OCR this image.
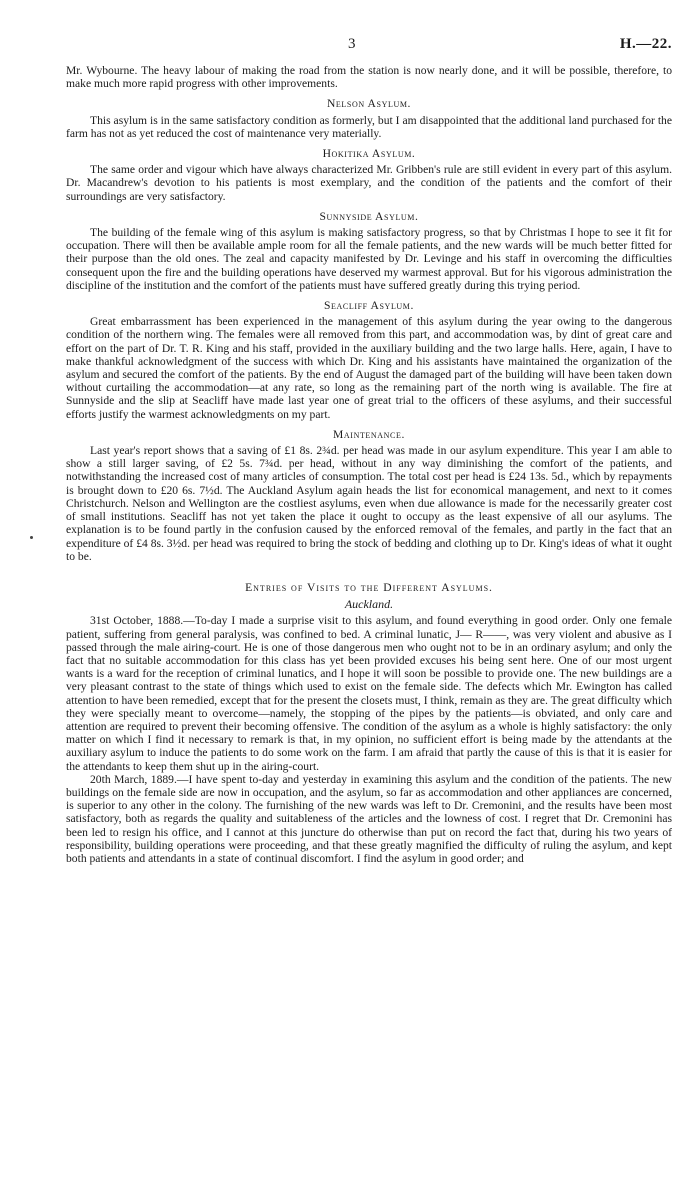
3	H.—22.

Mr. Wybourne. The heavy labour of making the road from the station is now nearly done, and it will be possible, therefore, to make much more rapid progress with other improvements.

Nelson Asylum.

This asylum is in the same satisfactory condition as formerly, but I am disappointed that the additional land purchased for the farm has not as yet reduced the cost of maintenance very materially.

Hokitika Asylum.

The same order and vigour which have always characterized Mr. Gribben's rule are still evident in every part of this asylum. Dr. Macandrew's devotion to his patients is most exemplary, and the condition of the patients and the comfort of their surroundings are very satisfactory.

Sunnyside Asylum.

The building of the female wing of this asylum is making satisfactory progress, so that by Christmas I hope to see it fit for occupation. There will then be available ample room for all the female patients, and the new wards will be much better fitted for their purpose than the old ones. The zeal and capacity manifested by Dr. Levinge and his staff in overcoming the difficulties consequent upon the fire and the building operations have deserved my warmest approval. But for his vigorous administration the discipline of the institution and the comfort of the patients must have suffered greatly during this trying period.

Seacliff Asylum.

Great embarrassment has been experienced in the management of this asylum during the year owing to the dangerous condition of the northern wing. The females were all removed from this part, and accommodation was, by dint of great care and effort on the part of Dr. T. R. King and his staff, provided in the auxiliary building and the two large halls. Here, again, I have to make thankful acknowledgment of the success with which Dr. King and his assistants have maintained the organization of the asylum and secured the comfort of the patients. By the end of August the damaged part of the building will have been taken down without curtailing the accommodation—at any rate, so long as the remaining part of the north wing is available. The fire at Sunnyside and the slip at Seacliff have made last year one of great trial to the officers of these asylums, and their successful efforts justify the warmest acknowledgments on my part.

Maintenance.

Last year's report shows that a saving of £1 8s. 2¾d. per head was made in our asylum expenditure. This year I am able to show a still larger saving, of £2 5s. 7¾d. per head, without in any way diminishing the comfort of the patients, and notwithstanding the increased cost of many articles of consumption. The total cost per head is £24 13s. 5d., which by repayments is brought down to £20 6s. 7½d. The Auckland Asylum again heads the list for economical management, and next to it comes Christchurch. Nelson and Wellington are the costliest asylums, even when due allowance is made for the necessarily greater cost of small institutions. Seacliff has not yet taken the place it ought to occupy as the least expensive of all our asylums. The explanation is to be found partly in the confusion caused by the enforced removal of the females, and partly in the fact that an expenditure of £4 8s. 3½d. per head was required to bring the stock of bedding and clothing up to Dr. King's ideas of what it ought to be.

Entries of Visits to the Different Asylums.
Auckland.

31st October, 1888.—To-day I made a surprise visit to this asylum, and found everything in good order. Only one female patient, suffering from general paralysis, was confined to bed. A criminal lunatic, J— R——, was very violent and abusive as I passed through the male airing-court. He is one of those dangerous men who ought not to be in an ordinary asylum; and only the fact that no suitable accommodation for this class has yet been provided excuses his being sent here. One of our most urgent wants is a ward for the reception of criminal lunatics, and I hope it will soon be possible to provide one. The new buildings are a very pleasant contrast to the state of things which used to exist on the female side. The defects which Mr. Ewington has called attention to have been remedied, except that for the present the closets must, I think, remain as they are. The great difficulty which they were specially meant to overcome—namely, the stopping of the pipes by the patients—is obviated, and only care and attention are required to prevent their becoming offensive. The condition of the asylum as a whole is highly satisfactory: the only matter on which I find it necessary to remark is that, in my opinion, no sufficient effort is being made by the attendants at the auxiliary asylum to induce the patients to do some work on the farm. I am afraid that partly the cause of this is that it is easier for the attendants to keep them shut up in the airing-court.

20th March, 1889.—I have spent to-day and yesterday in examining this asylum and the condition of the patients. The new buildings on the female side are now in occupation, and the asylum, so far as accommodation and other appliances are concerned, is superior to any other in the colony. The furnishing of the new wards was left to Dr. Cremonini, and the results have been most satisfactory, both as regards the quality and suitableness of the articles and the lowness of cost. I regret that Dr. Cremonini has been led to resign his office, and I cannot at this juncture do otherwise than put on record the fact that, during his two years of responsibility, building operations were proceeding, and that these greatly magnified the difficulty of ruling the asylum, and kept both patients and attendants in a state of continual discomfort. I find the asylum in good order; and
